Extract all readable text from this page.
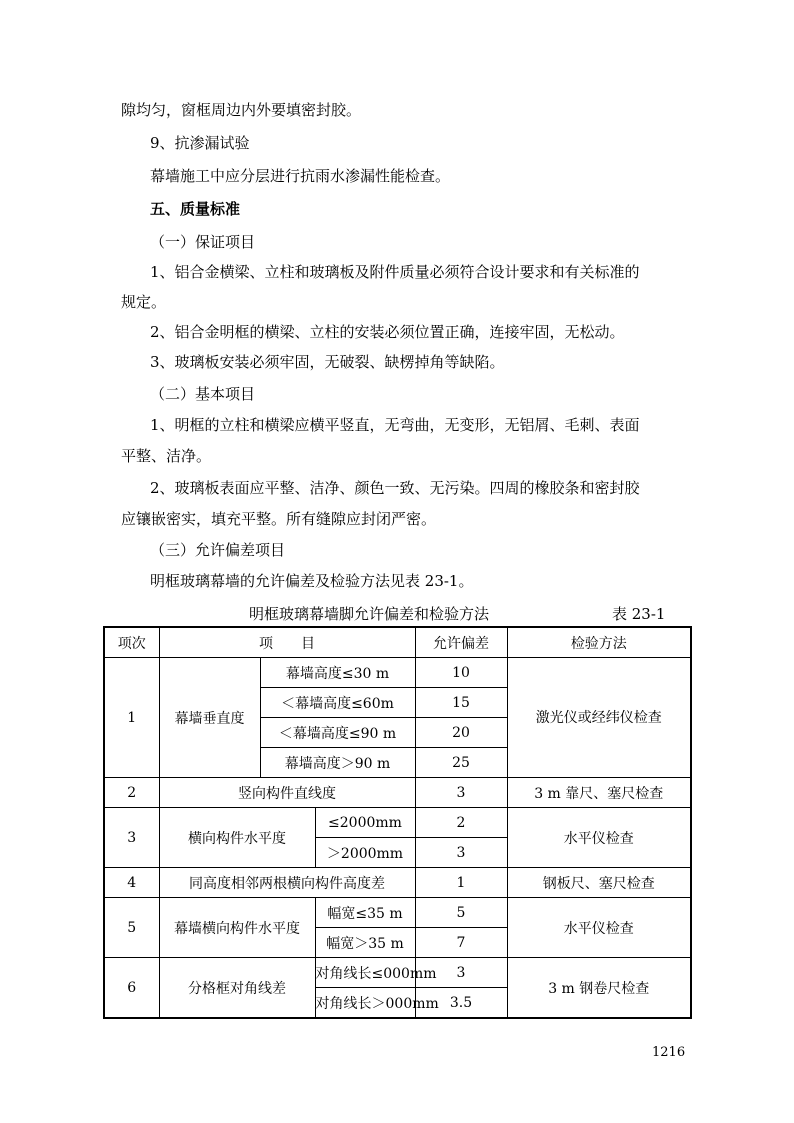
隙均匀，窗框周边内外要填密封胶。
9、抗渗漏试验
幕墙施工中应分层进行抗雨水渗漏性能检查。
五、质量标准
（一）保证项目
1、铝合金横梁、立柱和玻璃板及附件质量必须符合设计要求和有关标准的
规定。
2、铝合金明框的横梁、立柱的安装必须位置正确，连接牢固，无松动。
3、玻璃板安装必须牢固，无破裂、缺楞掉角等缺陷。
（二）基本项目
1、明框的立柱和横梁应横平竖直，无弯曲，无变形，无铝屑、毛刺、表面
平整、洁净。
2、玻璃板表面应平整、洁净、颜色一致、无污染。四周的橡胶条和密封胶
应镶嵌密实，填充平整。所有缝隙应封闭严密。
（三）允许偏差项目
明框玻璃幕墙的允许偏差及检验方法见表 23-1。
明框玻璃幕墙脚允许偏差和检验方法	表 23-1
项次	项　　目			允许偏差	检验方法
1	幕墙垂直度	幕墙高度≤30 m		10	激光仪或经纬仪检查
		＜幕墙高度≤60m		15	
		＜幕墙高度≤90 m		20	
		幕墙高度＞90 m		25	
2	竖向构件直线度			3	3 m 靠尺、塞尺检查
3	横向构件水平度		≤2000mm	2	水平仪检查
			＞2000mm	3	
4	同高度相邻两根横向构件高度差			1	钢板尺、塞尺检查
5	幕墙横向构件水平度		幅宽≤35 m	5	水平仪检查
			幅宽＞35 m	7	
6	分格框对角线差		对角线长≤000mm	3	3 m 钢卷尺检查
			对角线长＞000mm	3.5	
1216
